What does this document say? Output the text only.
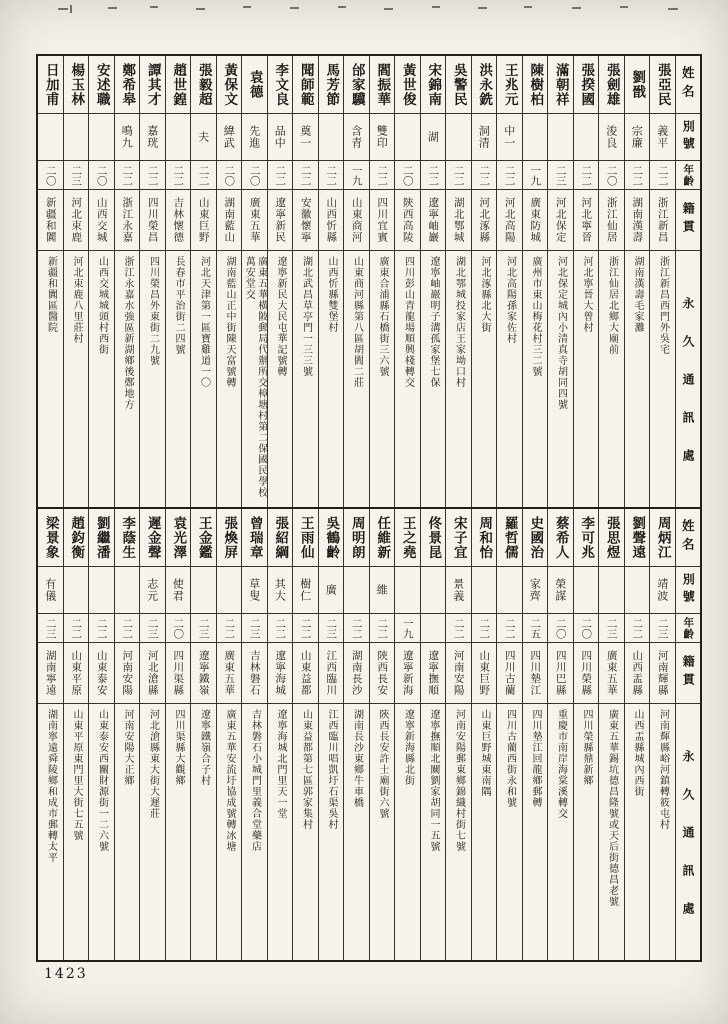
日加甫
二〇
新疆和闐
新疆和闐區醫院
楊玉林
二三
河北束鹿
河北束鹿八里莊村
安述職
二〇
山西交城
山西交城城頭村西街
鄭希皋
鳴九
二二
浙江永嘉
浙江永嘉水強區新湖鄉後鄭地方
譚其才
嘉珖
二二
四川榮昌
四川榮昌外東街二九號
趙世鍠
二二
吉林懷德
長春市平治街二四號
張毅超
夫
二二
山東巨野
河北天津第一區寶雞道一〇
黃保文
緯武
二〇
湖南藍山
湖南藍山正中街陳天富號轉
袁德
先進
二〇
廣東五華
廣東五華橫陂郵局代辦所交樟塘村第二保國民學校萬安堂交
李文良
品中
二二
遼寧新民
遼寧新民大民屯華記號轉
聞師範
奠一
二二
安徽懷寧
湖北武昌草亭門一三三號
馬芳節
二二
山西忻縣
山西忻縣雙堡村
邰家驥
含青
一九
山東商河
山東商河縣第八區胡閻二莊
閻振華
雙印
二二
四川宜賓
廣東合浦縣石橋街三六號
黃世俊
二〇
陝西高陵
四川彭山青龍場順興棧轉交
宋錦南
湖
二二
遼寧岫巖
遼寧岫巖明子溝孤家堡七保
吳警民
二二
湖北鄂城
湖北鄂城投家店王家坳口村
洪永銑
洞清
二二
河北涿縣
河北涿縣北大街
王兆元
中一
二二
河北高陽
河北高陽孫家佐村
陳樹柏
一九
廣東防城
廣州市東山梅花村三二號
滿朝祥
二三
河北保定
河北保定城內小清真寺胡同四號
張揆國
二二
河北寧晉
河北寧晉大曾村
張劍雄
浚良
二〇
浙江仙居
浙江仙居北鄉大廟前
劉戩
宗廉
二二
湖南漢壽
湖南漢壽毛家灘
張亞民
義平
二二
浙江新昌
浙江新昌西門外吳宅
姓名
別號
年齡
籍貫
永久通訊處
梁景象
有儀
二三
湖南寧遠
湖南寧遠舜陵鄉和成市郵轉太平
趙鈞衡
二二
山東平原
山東平原東門里大街七五號
劉繼潘
二二
山東泰安
山東泰安西關財源街一二六號
李蔭生
二二
河南安陽
河南安陽大正鄉
遲金聲
志元
二三
河北滄縣
河北滄縣東大街大遲莊
袁光澤
使君
二〇
四川渠縣
四川渠縣大觀鄉
王金鑑
二三
遼寧鐵嶺
遼寧鐵嶺合子村
張煥屏
二二
廣東五華
廣東五華安流圩協成號轉冰塘
曾瑞章
草叟
二三
吉林磐石
吉林磐石小城門里義合堂藥店
張紹綱
其大
二二
遼寧海城
遼寧海城北門里天一堂
王雨仙
樹仁
二二
山東益都
山東益都第七區郭家集村
吳鶴齡
廣
二三
江西臨川
江西臨川唱凱圩石渠吳村
周明朗
二二
湖南長沙
湖南長沙東鄉牛車橋
任維新
維
二二
陝西長安
陝西長安許士廟街六號
王之堯
一九
遼寧新海
遼寧新海縣北街
佟景昆
遼寧撫順
遼寧撫順北關劉家胡同一五號
宋子宜
景義
二二
河南安陽
河南安陽郵東鄉錦織村街七號
周和怡
二二
山東巨野
山東巨野城東南隅
羅哲儒
二二
四川古藺
四川古藺西街永和號
史國治
家齊
二五
四川墊江
四川墊江回龍鄉郵轉
蔡希人
榮謀
二〇
四川巴縣
重慶市南岸海棠溪轉交
李可兆
二〇
四川榮縣
四川榮縣鼎新鄉
張思煜
二三
廣東五華
廣東五華錫坑德昌隆號或天后街德昌老號
劉聲遠
二二
山西盂縣
山西盂縣城內西街
周炳江
靖波
二三
河南輝縣
河南輝縣峪河鎮轉筱屯村
姓名
別號
年齡
籍貫
永久通訊處
1423
